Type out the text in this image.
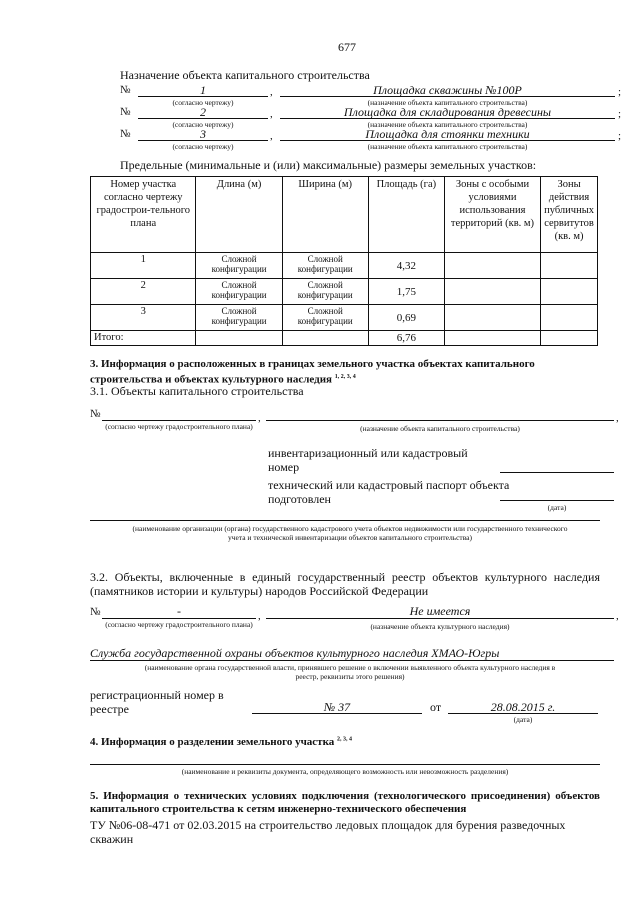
677
Назначение объекта капитального строительства
№	1	,	Площадка скважины №100Р	;
(согласно чертежу)	(назначение объекта капитального строительства)
№	2	,	Площадка для складирования древесины	;
(согласно чертежу)	(назначение объекта капитального строительства)
№	3	,	Площадка для стоянки техники	;
(согласно чертежу)	(назначение объекта капитального строительства)
Предельные (минимальные и (или) максимальные) размеры земельных участков:
Номер участка согласно чертежу градострои-тельного плана	Длина (м)	Ширина (м)	Площадь (га)	Зоны с особыми условиями использования территорий (кв. м)	Зоны действия публичных сервитутов (кв. м)
1	Сложной конфигурации	Сложной конфигурации	4,32		
2	Сложной конфигурации	Сложной конфигурации	1,75		
3	Сложной конфигурации	Сложной конфигурации	0,69		
Итого:			6,76		
3. Информация о расположенных в границах земельного участка объектах капитального строительства и объектах культурного наследия $^{1, 2, 3, 4}$
3.1. Объекты капитального строительства
№	,	,
(согласно чертежу градостроительного плана)	(назначение объекта капитального строительства)
инвентаризационный или кадастровый номер
технический или кадастровый паспорт объекта подготовлен
(дата)
(наименование организации (органа) государственного кадастрового учета объектов недвижимости или государственного технического учета и технической инвентаризации объектов капитального строительства)
3.2. Объекты, включенные в единый государственный реестр объектов культурного наследия (памятников истории и культуры) народов Российской Федерации
№	-	,	Не имеется	,
(согласно чертежу градостроительного плана)	(назначение объекта культурного наследия)
Служба государственной охраны объектов культурного наследия ХМАО-Югры
(наименование органа государственной власти, принявшего решение о включении выявленного объекта культурного наследия в реестр, реквизиты этого решения)
регистрационный номер в реестре	№ 37	от	28.08.2015 г.
(дата)
4. Информация о разделении земельного участка $^{2, 3, 4}$
(наименование и реквизиты документа, определяющего возможность или невозможность разделения)
5. Информация о технических условиях подключения (технологического присоединения) объектов капитального строительства к сетям инженерно-технического обеспечения
ТУ №06-08-471 от 02.03.2015 на строительство ледовых площадок для бурения разведочных скважин
